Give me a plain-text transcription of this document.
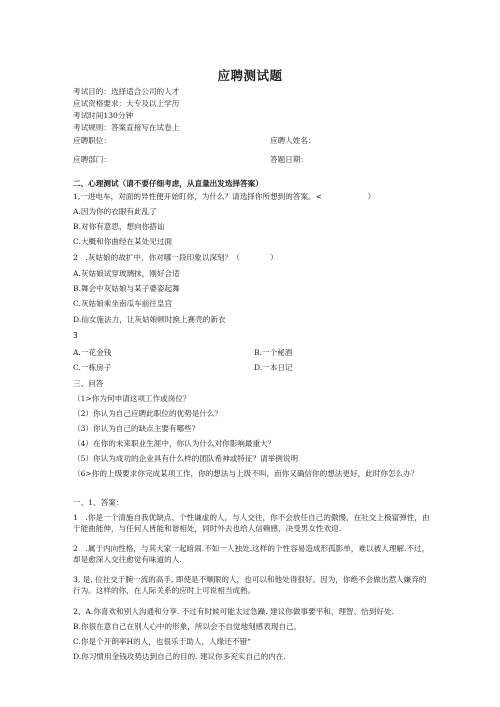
应聘测试题
考试目的：选择适合公司的人才
应试资格要求：大专及以上学历
考试时间130分钟
考试规则：答案直接写在试卷上
应聘职位：	应聘人姓名：
应聘部门：	答题日期：
二、心理测试（请不要仔细考虑，从直量出发选择答案）
1,一进电车，对面的异性便开始盯你，为什么？请选择你所想到的答案。<　　　　　　）
A.因为你的衣眼有此乱了
B.对你有意思，想向你搭讪
C.大概和你曲经在某处见过面
2　.灰姑娘的故扩中，你对哪一段印象以深刻？（　　　　）
A.灰姑娘试穿玻璃抹，刚好合适
B.舞会中灰姑娘与某子婆姿起舞
C.灰姑娘乘坐南瓜车前往皇宫
D.仙女施法力，让灰姑娘顿时换上赛壳的新衣
3
A.一花金钱	B.一个秘酒
C.一栋房子	D.一本日记
三、问答
（1>你为何申请这项工作或岗位？
（2）你认为自己应聘此职位的优势是什么？
（3）你认为自己的缺点主要有哪些？
（4）在你的未来职业生涯中，你认为什么对你影响最重大？
（5）你认为成功的企业具有什么样的团队希神或特征？请举例说明
（6>你的上级要求你完成某项工作，你的想法与上级不叫，而你又确信你的想法更好，此时你怎么办？
一、1、答案：
1　.你是一个清施自我优缺点、个性谦虚的人，与人交往，你不会放任自己的傲慢，在社交上极富弹性，由于能曲能伸，与任何人皆能和谐相处，同时外去也给人信赖感，决受男女性欢迎.
2　.属于内向性格，与其大家一起暗闹.不如一人独处.这样的个性容易造成形孤影单，难以被人理解.不过，却是愈深入交往愈觉有味道的人.
3, 是, 位社交于腕一流的高手, 即使是不顺眼的人，也可以和他处得很好。因为，你绝不会做出惹人嫌弃的行为。这样的你，在人际关系的应时上可说相当成熟。
2、A.你喜欢和别人沟通和分享. 不过有时候可能太过急躁. 建议你做事要平和、理智、恰到好处.
B.你很在意自己在别人心中的形象，所以会不自觉地刻感表现自己。
C.你是个开朗率H的人，也很乐于助人，人缘还不错“
D.你习惯用金钱攻势达到自己的目的. 建议你多充实自己的内在.
